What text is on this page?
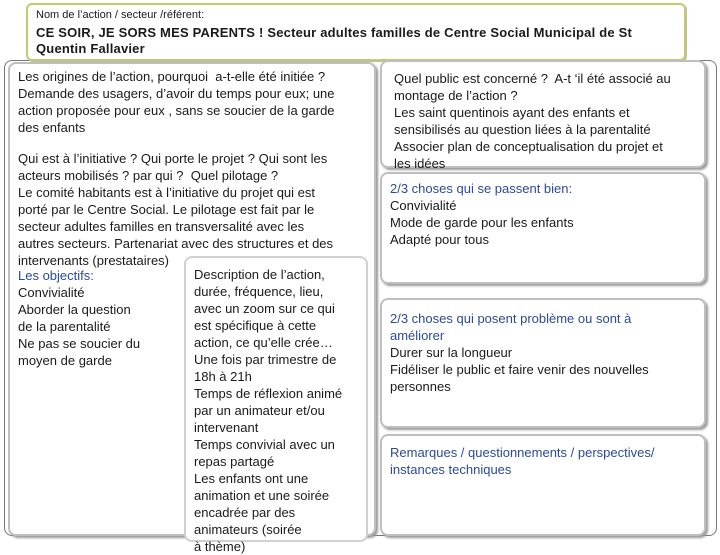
Nom de l’action / secteur /référent:
CE SOIR, JE SORS MES PARENTS ! Secteur adultes familles de Centre Social Municipal de St Quentin Fallavier
Les origines de l’action, pourquoi  a-t-elle été initiée ?
Demande des usagers, d’avoir du temps pour eux; une
action proposée pour eux , sans se soucier de la garde
des enfants
Qui est à l’initiative ? Qui porte le projet ? Qui sont les
acteurs mobilisés ? par qui ?  Quel pilotage ?
Le comité habitants est à l’initiative du projet qui est
porté par le Centre Social. Le pilotage est fait par le
secteur adultes familles en transversalité avec les
autres secteurs. Partenariat avec des structures et des
intervenants (prestataires)
Les objectifs:
Convivialité
Aborder la question
de la parentalité
Ne pas se soucier du
moyen de garde
Description de l’action,
durée, fréquence, lieu,
avec un zoom sur ce qui
est spécifique à cette
action, ce qu’elle crée…
Une fois par trimestre de
18h à 21h
Temps de réflexion animé
par un animateur et/ou
intervenant
Temps convivial avec un
repas partagé
Les enfants ont une
animation et une soirée
encadrée par des
animateurs (soirée
à thème)
Quel public est concerné ?  A-t ‘il été associé au
montage de l’action ?
Les saint quentinois ayant des enfants et
sensibilisés au question liées à la parentalité
Associer plan de conceptualisation du projet et
les idées
2/3 choses qui se passent bien:
Convivialité
Mode de garde pour les enfants
Adapté pour tous
2/3 choses qui posent problème ou sont à
améliorer
Durer sur la longueur
Fidéliser le public et faire venir des nouvelles
personnes
Remarques / questionnements / perspectives/
instances techniques
